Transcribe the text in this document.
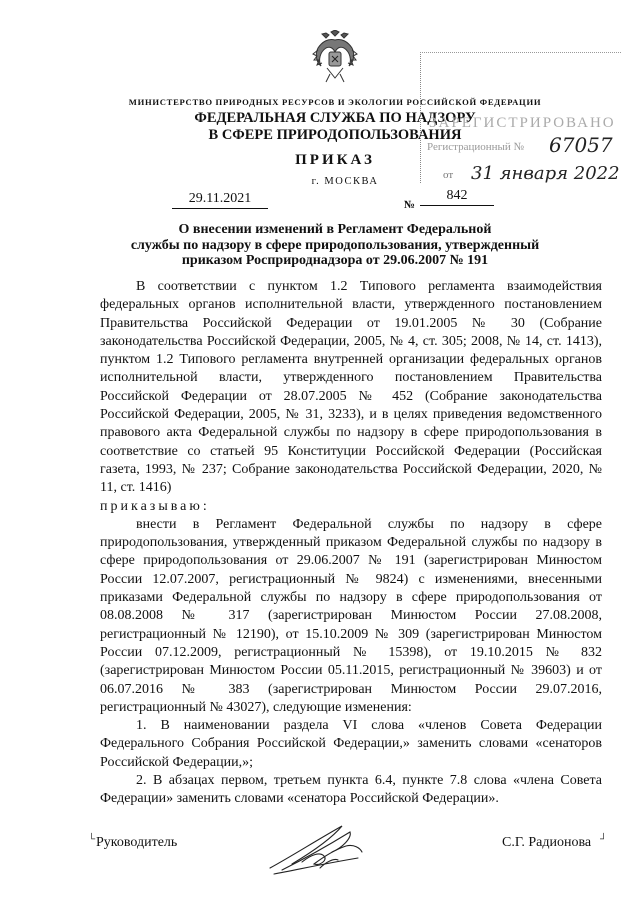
МИНИСТЕРСТВО ПРИРОДНЫХ РЕСУРСОВ И ЭКОЛОГИИ РОССИЙСКОЙ ФЕДЕРАЦИИ
ФЕДЕРАЛЬНАЯ СЛУЖБА ПО НАДЗОРУ
В СФЕРЕ ПРИРОДОПОЛЬЗОВАНИЯ
ЗАРЕГИСТРИРОВАНО
Регистрационный № 67057
от 31 января 2022
ПРИКАЗ
г. МОСКВА
29.11.2021	№
842
О внесении изменений в Регламент Федеральной
службы по надзору в сфере природопользования, утвержденный
приказом Росприроднадзора от 29.06.2007 № 191

В соответствии с пунктом 1.2 Типового регламента взаимодействия федеральных органов исполнительной власти, утвержденного постановлением Правительства Российской Федерации от 19.01.2005 № 30 (Собрание законодательства Российской Федерации, 2005, № 4, ст. 305; 2008, № 14, ст. 1413), пунктом 1.2 Типового регламента внутренней организации федеральных органов исполнительной власти, утвержденного постановлением Правительства Российской Федерации от 28.07.2005 № 452 (Собрание законодательства Российской Федерации, 2005, № 31, 3233), и в целях приведения ведомственного правового акта Федеральной службы по надзору в сфере природопользования в соответствие со статьей 95 Конституции Российской Федерации (Российская газета, 1993, № 237; Собрание законодательства Российской Федерации, 2020, № 11, ст. 1416)

приказываю:

внести в Регламент Федеральной службы по надзору в сфере природопользования, утвержденный приказом Федеральной службы по надзору в сфере природопользования от 29.06.2007 № 191 (зарегистрирован Минюстом России 12.07.2007, регистрационный № 9824) с изменениями, внесенными приказами Федеральной службы по надзору в сфере природопользования от 08.08.2008 № 317 (зарегистрирован Минюстом России 27.08.2008, регистрационный № 12190), от 15.10.2009 № 309 (зарегистрирован Минюстом России 07.12.2009, регистрационный № 15398), от 19.10.2015 № 832 (зарегистрирован Минюстом России 05.11.2015, регистрационный № 39603) и от 06.07.2016 № 383 (зарегистрирован Минюстом России 29.07.2016, регистрационный № 43027), следующие изменения:

1. В наименовании раздела VI слова «членов Совета Федерации Федерального Собрания Российской Федерации,» заменить словами «сенаторов Российской Федерации,»;

2. В абзацах первом, третьем пункта 6.4, пункте 7.8 слова «члена Совета Федерации» заменить словами «сенатора Российской Федерации».

└ Руководитель	С.Г. Радионова ┘
